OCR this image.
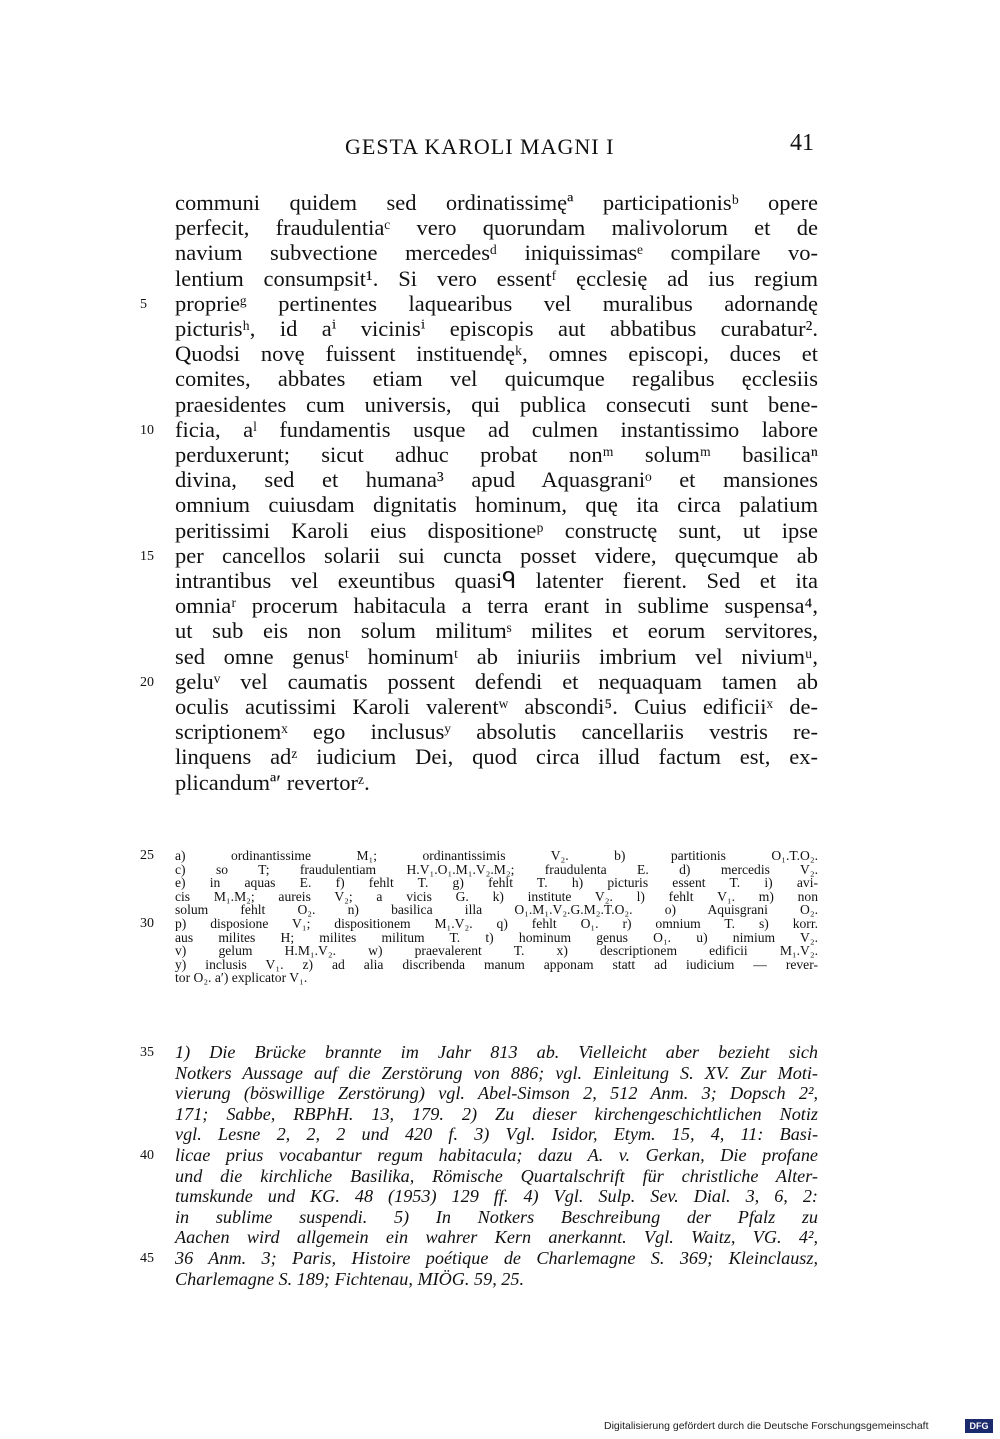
GESTA KAROLI MAGNI I	41
communi quidem sed ordinatissimęª participationisᵇ opere
perfecit, fraudulentiaᶜ vero quorundam malivolorum et de
navium subvectione mercedesᵈ iniquissimasᵉ compilare vo-
lentium consumpsit¹. Si vero essentᶠ ęcclesię ad ius regium
proprieᵍ pertinentes laquearibus vel muralibus adornandę
picturisʰ, id aⁱ vicinisⁱ episcopis aut abbatibus curabatur².
Quodsi novę fuissent instituendęᵏ, omnes episcopi, duces et
comites, abbates etiam vel quicumque regalibus ęcclesiis
praesidentes cum universis, qui publica consecuti sunt bene-
ficia, aˡ fundamentis usque ad culmen instantissimo labore
perduxerunt; sicut adhuc probat nonᵐ solumᵐ basilicaⁿ
divina, sed et humana³ apud Aquasgraniᵒ et mansiones
omnium cuiusdam dignitatis hominum, quę ita circa palatium
peritissimi Karoli eius dispositioneᵖ constructę sunt, ut ipse
per cancellos solarii sui cuncta posset videre, quęcumque ab
intrantibus vel exeuntibus quasiᑫ latenter fierent. Sed et ita
omniaʳ procerum habitacula a terra erant in sublime suspensa⁴,
ut sub eis non solum militumˢ milites et eorum servitores,
sed omne genusᵗ hominumᵗ ab iniuriis imbrium vel niviumᵘ,
geluᵛ vel caumatis possent defendi et nequaquam tamen ab
oculis acutissimi Karoli valerentʷ abscondi⁵. Cuius edificiiˣ de-
scriptionemˣ ego inclususʸ absolutis cancellariis vestris re-
linquens adᶻ iudicium Dei, quod circa illud factum est, ex-
plicandumª′ revertorᶻ.
5
10
15
20
a) ordinantissime M₁; ordinantissimis V₂. b) partitionis O₁.T.O₂.
c) so T; fraudulentiam H.V₁.O₁.M₁.V₂.M₂; fraudulenta E. d) mercedis V₂.
e) in aquas E. f) fehlt T. g) fehlt T. h) picturis essent T. i) avi-
cis M₁.M₂; aureis V₂; a vicis G. k) institute V₂. l) fehlt V₁. m) non
solum fehlt O₂. n) basilica illa O₁.M₁.V₂.G.M₂.T.O₂. o) Aquisgrani O₂.
p) disposione V₁; dispositionem M₁.V₂. q) fehlt O₁. r) omnium T. s) korr.
aus milites H; milites militum T. t) hominum genus O₁. u) nimium V₂.
v) gelum H.M₁.V₂. w) praevalerent T. x) descriptionem edificii M₁.V₂.
y) inclusis V₁. z) ad alia discribenda manum apponam statt ad iudicium — rever-
tor O₂. a′) explicator V₁.
25
30
1) Die Brücke brannte im Jahr 813 ab. Vielleicht aber bezieht sich
Notkers Aussage auf die Zerstörung von 886; vgl. Einleitung S. XV. Zur Moti-
vierung (böswillige Zerstörung) vgl. Abel-Simson 2, 512 Anm. 3; Dopsch 2²,
171; Sabbe, RBPhH. 13, 179. 2) Zu dieser kirchengeschichtlichen Notiz
vgl. Lesne 2, 2, 2 und 420 f. 3) Vgl. Isidor, Etym. 15, 4, 11: Basi-
licae prius vocabantur regum habitacula; dazu A. v. Gerkan, Die profane
und die kirchliche Basilika, Römische Quartalschrift für christliche Alter-
tumskunde und KG. 48 (1953) 129 ff. 4) Vgl. Sulp. Sev. Dial. 3, 6, 2:
in sublime suspendi. 5) In Notkers Beschreibung der Pfalz zu
Aachen wird allgemein ein wahrer Kern anerkannt. Vgl. Waitz, VG. 4²,
36 Anm. 3; Paris, Histoire poétique de Charlemagne S. 369; Kleinclausz,
Charlemagne S. 189; Fichtenau, MIÖG. 59, 25.
35
40
45
Digitalisierung gefördert durch die Deutsche Forschungsgemeinschaft	DFG
